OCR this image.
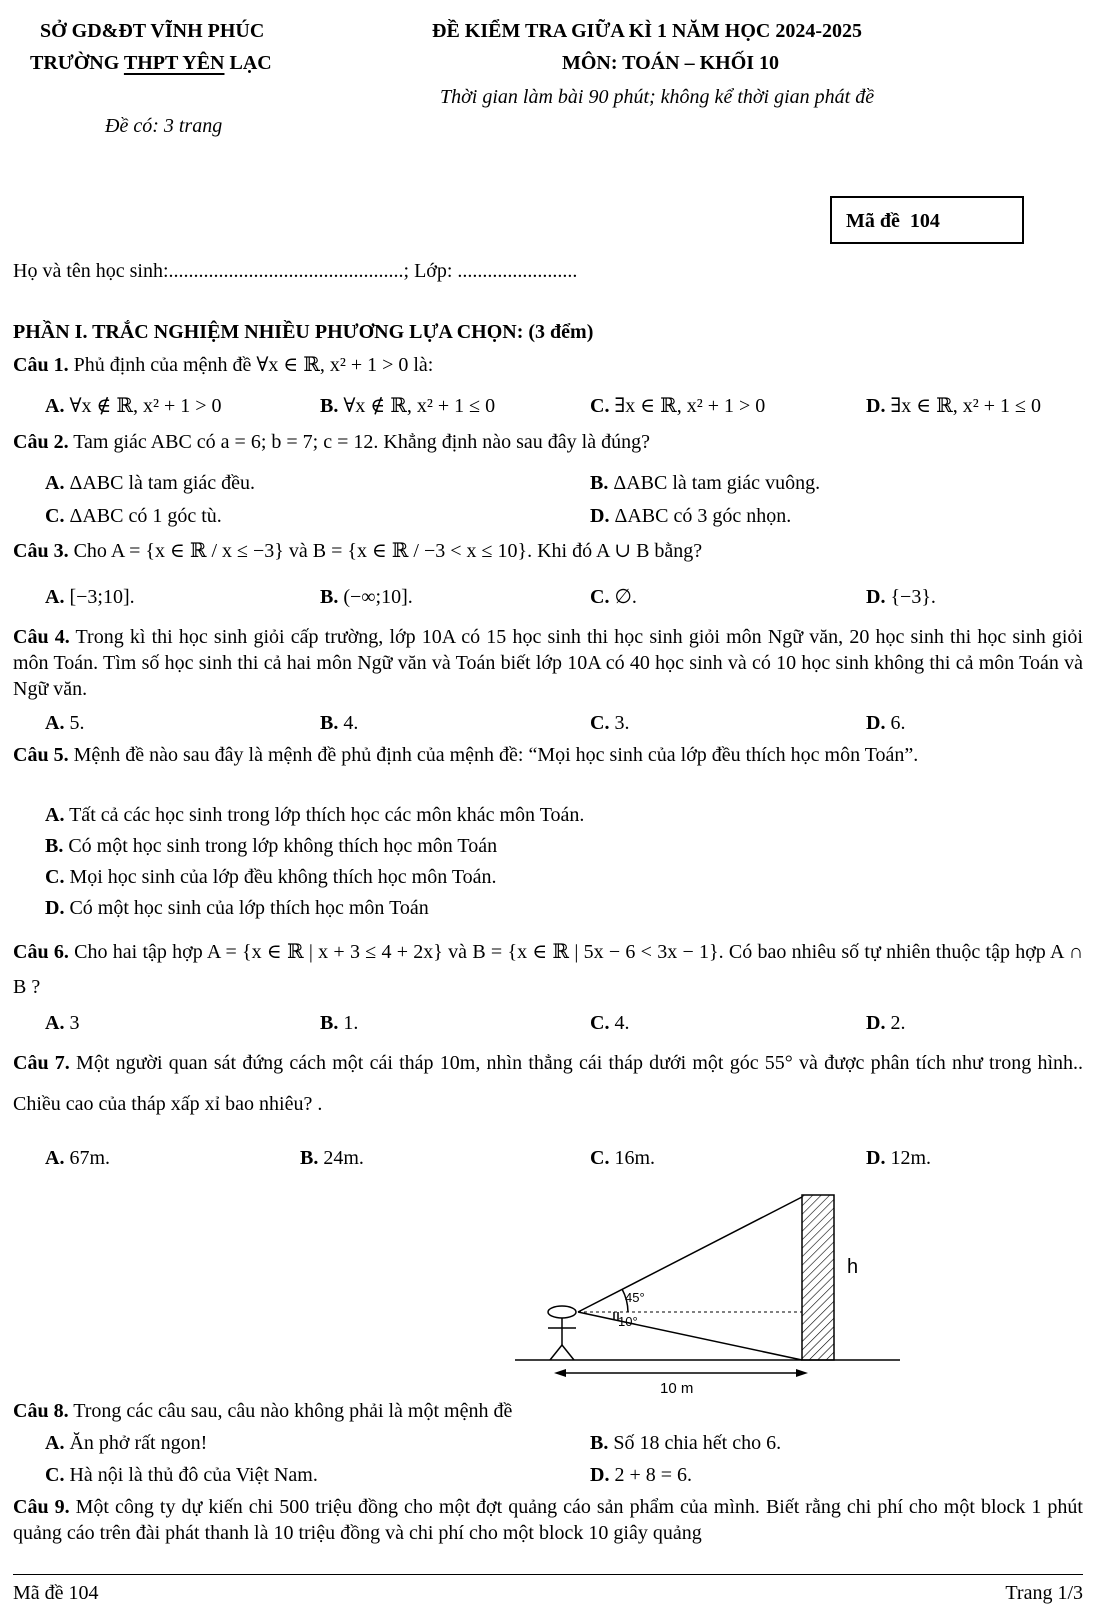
SỞ GD&ĐT VĨNH PHÚC
TRƯỜNG THPT YÊN LẠC
Đề có: 3 trang
ĐỀ KIỂM TRA GIỮA KÌ 1 NĂM HỌC 2024-2025
MÔN: TOÁN – KHỐI 10
Thời gian làm bài 90 phút; không kể thời gian phát đề
Mã đề 104
Họ và tên học sinh:...............................................; Lớp: ........................
PHẦN I. TRẮC NGHIỆM NHIỀU PHƯƠNG LỰA CHỌN: (3 đểm)
Câu 1. Phủ định của mệnh đề ∀x ∈ ℝ, x² + 1 > 0 là:
A. ∀x ∉ ℝ, x² + 1 > 0	B. ∀x ∉ ℝ, x² + 1 ≤ 0	C. ∃x ∈ ℝ, x² + 1 > 0	D. ∃x ∈ ℝ, x² + 1 ≤ 0
Câu 2. Tam giác ABC có a = 6; b = 7; c = 12. Khẳng định nào sau đây là đúng?
A. ΔABC là tam giác đều.	B. ΔABC là tam giác vuông.
C. ΔABC có 1 góc tù.	D. ΔABC có 3 góc nhọn.
Câu 3. Cho A = {x ∈ ℝ / x ≤ −3} và B = {x ∈ ℝ / −3 < x ≤ 10}. Khi đó A ∪ B bằng?
A. [−3;10].	B. (−∞;10].	C. ∅.	D. {−3}.
Câu 4. Trong kì thi học sinh giỏi cấp trường, lớp 10A có 15 học sinh thi học sinh giỏi môn Ngữ văn, 20 học sinh thi học sinh giỏi môn Toán. Tìm số học sinh thi cả hai môn Ngữ văn và Toán biết lớp 10A có 40 học sinh và có 10 học sinh không thi cả môn Toán và Ngữ văn.
A. 5.	B. 4.	C. 3.	D. 6.
Câu 5. Mệnh đề nào sau đây là mệnh đề phủ định của mệnh đề: “Mọi học sinh của lớp đều thích học môn Toán”.
A. Tất cả các học sinh trong lớp thích học các môn khác môn Toán.
B. Có một học sinh trong lớp không thích học môn Toán
C. Mọi học sinh của lớp đều không thích học môn Toán.
D. Có một học sinh của lớp thích học môn Toán
Câu 6. Cho hai tập hợp A = {x ∈ ℝ | x + 3 ≤ 4 + 2x} và B = {x ∈ ℝ | 5x − 6 < 3x − 1}. Có bao nhiêu số tự nhiên thuộc tập hợp A ∩ B ?
A. 3	B. 1.	C. 4.	D. 2.
Câu 7. Một người quan sát đứng cách một cái tháp 10m, nhìn thẳng cái tháp dưới một góc 55° và được phân tích như trong hình.. Chiều cao của tháp xấp xỉ bao nhiêu? .
A. 67m.	B. 24m.	C. 16m.	D. 12m.
45°
10°
h
10 m
Câu 8. Trong các câu sau, câu nào không phải là một mệnh đề
A. Ăn phở rất ngon!	B. Số 18 chia hết cho 6.
C. Hà nội là thủ đô của Việt Nam.	D. 2 + 8 = 6.
Câu 9. Một công ty dự kiến chi 500 triệu đồng cho một đợt quảng cáo sản phẩm của mình. Biết rằng chi phí cho một block 1 phút quảng cáo trên đài phát thanh là 10 triệu đồng và chi phí cho một block 10 giây quảng
Mã đề 104	Trang 1/3
